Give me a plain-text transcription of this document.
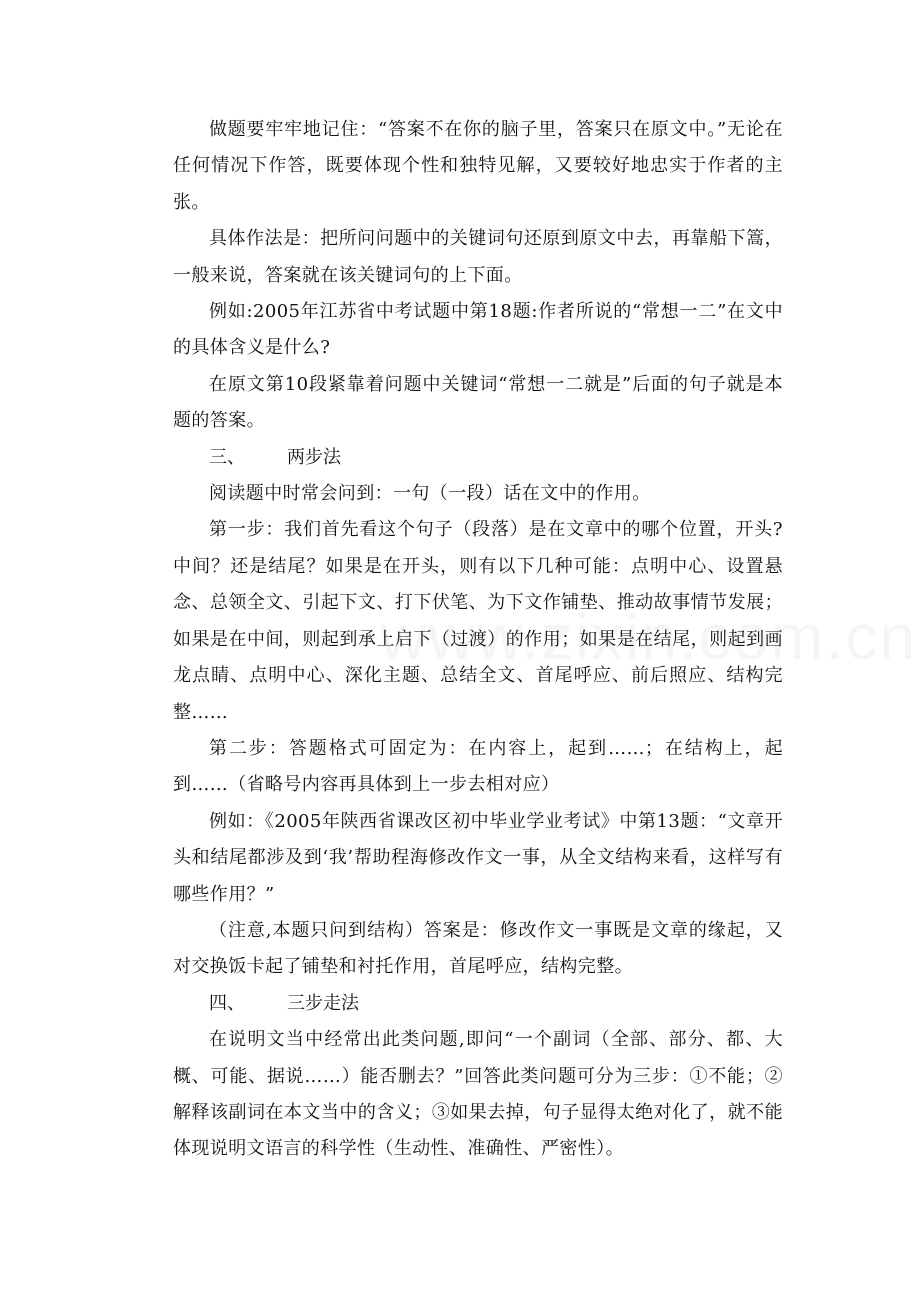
做题要牢牢地记住：“答案不在你的脑子里，答案只在原文中。”无论在任何情况下作答，既要体现个性和独特见解，又要较好地忠实于作者的主张。

具体作法是：把所问问题中的关键词句还原到原文中去，再靠船下篙，一般来说，答案就在该关键词句的上下面。

例如:2005年江苏省中考试题中第18题:作者所说的“常想一二”在文中的具体含义是什么?

在原文第10段紧靠着问题中关键词“常想一二就是”后面的句子就是本题的答案。

三、 两步法

阅读题中时常会问到：一句（一段）话在文中的作用。

第一步：我们首先看这个句子（段落）是在文章中的哪个位置，开头?中间？还是结尾？如果是在开头，则有以下几种可能：点明中心、设置悬念、总领全文、引起下文、打下伏笔、为下文作铺垫、推动故事情节发展；如果是在中间，则起到承上启下（过渡）的作用；如果是在结尾，则起到画龙点睛、点明中心、深化主题、总结全文、首尾呼应、前后照应、结构完整……

第二步：答题格式可固定为：在内容上，起到……；在结构上，起到……（省略号内容再具体到上一步去相对应）

例如：《2005年陕西省课改区初中毕业学业考试》中第13题：“文章开头和结尾都涉及到‘我’帮助程海修改作文一事，从全文结构来看，这样写有哪些作用？”

（注意,本题只问到结构）答案是：修改作文一事既是文章的缘起，又对交换饭卡起了铺垫和衬托作用，首尾呼应，结构完整。

四、 三步走法

在说明文当中经常出此类问题,即问“一个副词（全部、部分、都、大概、可能、据说……）能否删去？”回答此类问题可分为三步：①不能；②解释该副词在本文当中的含义；③如果去掉，句子显得太绝对化了，就不能体现说明文语言的科学性（生动性、准确性、严密性）。
